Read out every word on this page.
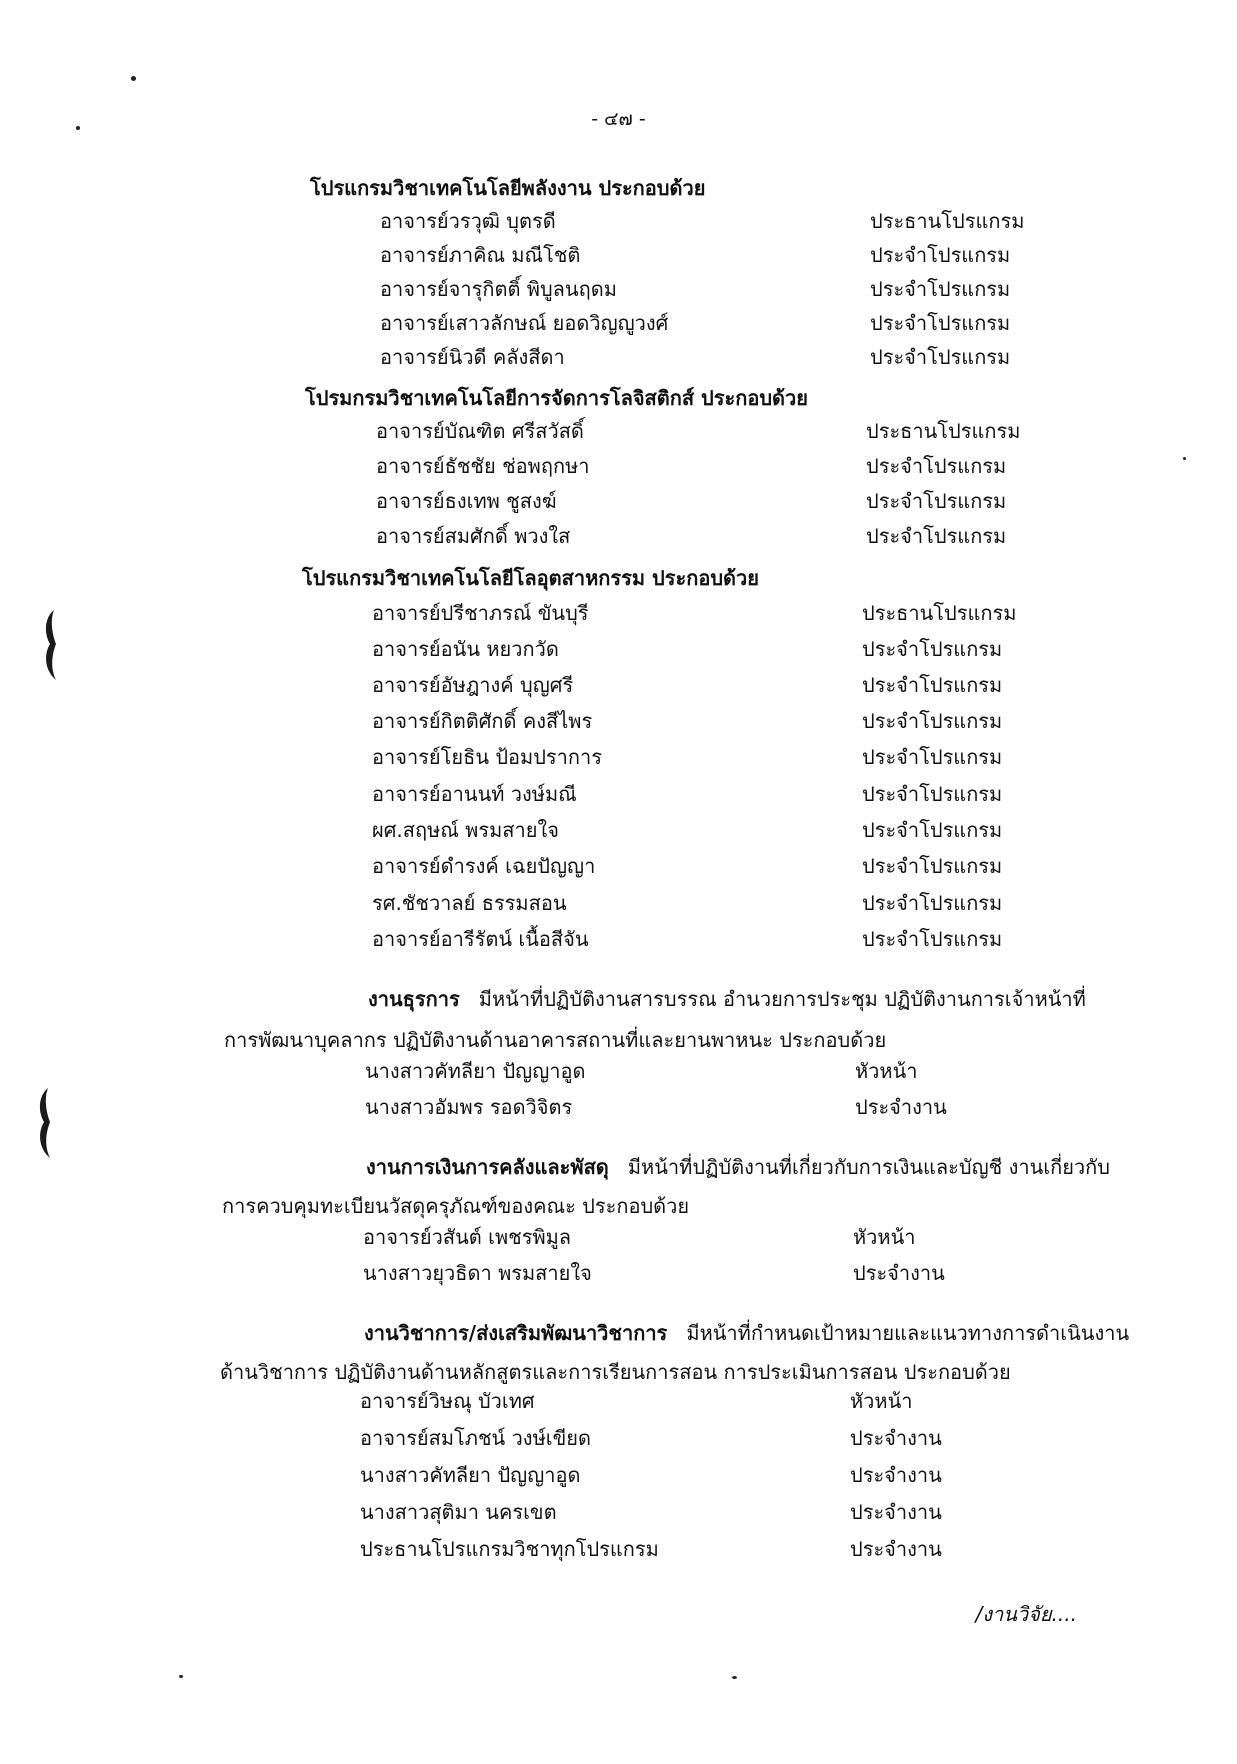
- ๔๗ -
โปรแกรมวิชาเทคโนโลยีพลังงาน ประกอบด้วย
อาจารย์วรวุฒิ บุตรดี	ประธานโปรแกรม
อาจารย์ภาคิณ มณีโชติ	ประจำโปรแกรม
อาจารย์จารุกิตติ์ พิบูลนฤดม	ประจำโปรแกรม
อาจารย์เสาวลักษณ์ ยอดวิญญูวงศ์	ประจำโปรแกรม
อาจารย์นิวดี คลังสีดา	ประจำโปรแกรม
โปรมกรมวิชาเทคโนโลยีการจัดการโลจิสติกส์ ประกอบด้วย
อาจารย์บัณฑิต ศรีสวัสดิ์	ประธานโปรแกรม
อาจารย์ธัชชัย ช่อพฤกษา	ประจำโปรแกรม
อาจารย์ธงเทพ ชูสงฆ์	ประจำโปรแกรม
อาจารย์สมศักดิ์ พวงใส	ประจำโปรแกรม
โปรแกรมวิชาเทคโนโลยีโลอุตสาหกรรม ประกอบด้วย
อาจารย์ปรีชาภรณ์ ขันบุรี	ประธานโปรแกรม
อาจารย์อนัน หยวกวัด	ประจำโปรแกรม
อาจารย์อัษฎางค์ บุญศรี	ประจำโปรแกรม
อาจารย์กิตติศักดิ์ คงสีไพร	ประจำโปรแกรม
อาจารย์โยธิน ป้อมปราการ	ประจำโปรแกรม
อาจารย์อานนท์ วงษ์มณี	ประจำโปรแกรม
ผศ.สฤษณ์ พรมสายใจ	ประจำโปรแกรม
อาจารย์ดำรงค์ เฉยปัญญา	ประจำโปรแกรม
รศ.ชัชวาลย์ ธรรมสอน	ประจำโปรแกรม
อาจารย์อารีรัตน์ เนื้อสีจัน	ประจำโปรแกรม
งานธุรการ มีหน้าที่ปฏิบัติงานสารบรรณ อำนวยการประชุม ปฏิบัติงานการเจ้าหน้าที่
การพัฒนาบุคลากร ปฏิบัติงานด้านอาคารสถานที่และยานพาหนะ ประกอบด้วย
นางสาวคัทลียา ปัญญาอูด	หัวหน้า
นางสาวอัมพร รอดวิจิตร	ประจำงาน
งานการเงินการคลังและพัสดุ มีหน้าที่ปฏิบัติงานที่เกี่ยวกับการเงินและบัญชี งานเกี่ยวกับ
การควบคุมทะเบียนวัสดุครุภัณฑ์ของคณะ ประกอบด้วย
อาจารย์วสันต์ เพชรพิมูล	หัวหน้า
นางสาวยุวธิดา พรมสายใจ	ประจำงาน
งานวิชาการ/ส่งเสริมพัฒนาวิชาการ มีหน้าที่กำหนดเป้าหมายและแนวทางการดำเนินงาน
ด้านวิชาการ ปฏิบัติงานด้านหลักสูตรและการเรียนการสอน การประเมินการสอน ประกอบด้วย
อาจารย์วิษณุ บัวเทศ	หัวหน้า
อาจารย์สมโภชน์ วงษ์เขียด	ประจำงาน
นางสาวคัทลียา ปัญญาอูด	ประจำงาน
นางสาวสุติมา นครเขต	ประจำงาน
ประธานโปรแกรมวิชาทุกโปรแกรม	ประจำงาน
/งานวิจัย....
